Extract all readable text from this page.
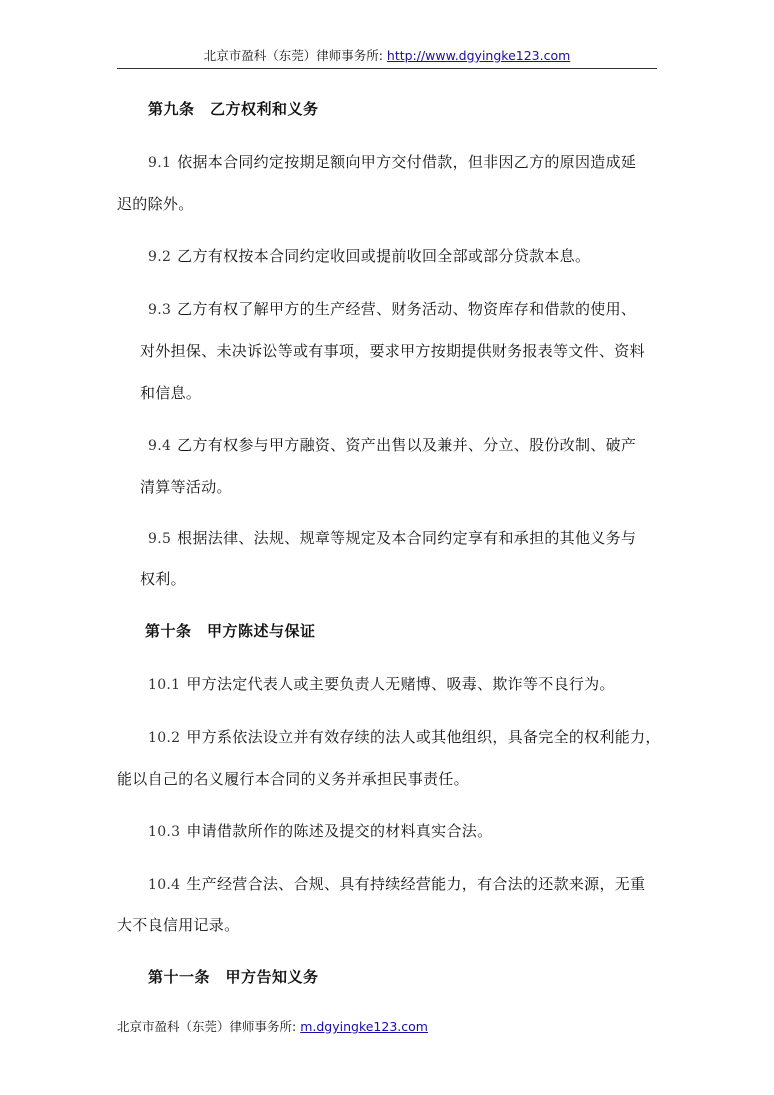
北京市盈科（东莞）律师事务所: http://www.dgyingke123.com
第九条　乙方权利和义务
9.1 依据本合同约定按期足额向甲方交付借款，但非因乙方的原因造成延
迟的除外。
9.2 乙方有权按本合同约定收回或提前收回全部或部分贷款本息。
9.3 乙方有权了解甲方的生产经营、财务活动、物资库存和借款的使用、
对外担保、未决诉讼等或有事项，要求甲方按期提供财务报表等文件、资料
和信息。
9.4 乙方有权参与甲方融资、资产出售以及兼并、分立、股份改制、破产
清算等活动。
9.5 根据法律、法规、规章等规定及本合同约定享有和承担的其他义务与
权利。
第十条　甲方陈述与保证
10.1 甲方法定代表人或主要负责人无赌博、吸毒、欺诈等不良行为。
10.2 甲方系依法设立并有效存续的法人或其他组织，具备完全的权利能力，
能以自己的名义履行本合同的义务并承担民事责任。
10.3 申请借款所作的陈述及提交的材料真实合法。
10.4 生产经营合法、合规、具有持续经营能力，有合法的还款来源，无重
大不良信用记录。
第十一条　甲方告知义务
北京市盈科（东莞）律师事务所: m.dgyingke123.com
